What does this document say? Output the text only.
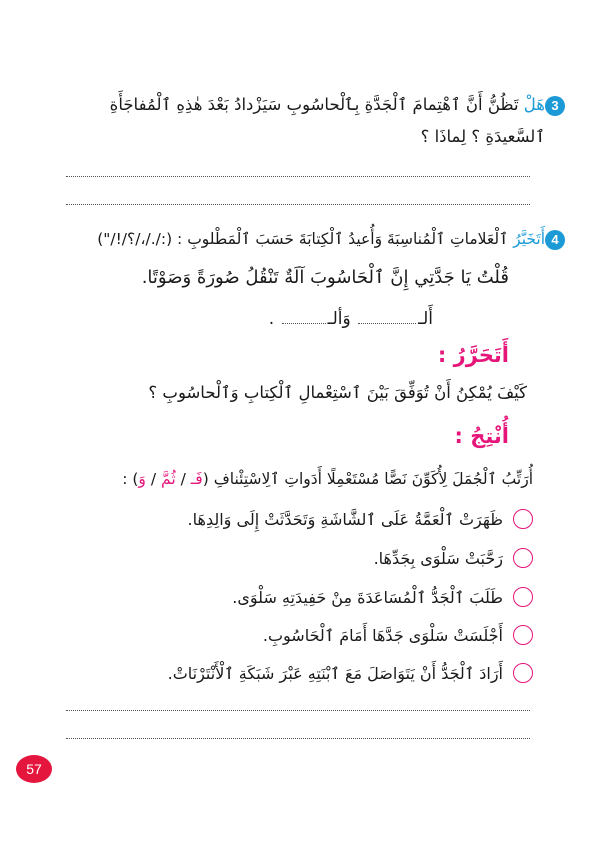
3
هَلْ تَظُنُّ أَنَّ ٱهْتِمامَ ٱلْجَدَّةِ بِٱلْحاسُوبِ سَيَزْدادُ بَعْدَ هٰذِهِ ٱلْمُفاجَأَةِ
ٱلسَّعيدَةِ ؟ لِماذَا ؟
4
أَتَخَيَّرُ ٱلْعَلاماتِ ٱلْمُناسِبَةَ وَأُعيدُ ٱلْكِتابَةَ حَسَبَ ٱلْمَطْلوبِ : (:/./،/؟/!/")
قُلْتُ يَا جَدَّتِي إِنَّ ٱلْحَاسُوبَ آلَةٌ تَنْقُلُ صُورَةً وَصَوْتًا.
أَلـ وَألـ .
أَتَحَرَّرُ :
كَيْفَ يُمْكِنُ أَنْ تُوَفِّقَ بَيْنَ ٱسْتِعْمالِ ٱلْكِتابِ وَٱلْحاسُوبِ ؟
أُنْتِجُ :
أُرَتِّبُ ٱلْجُمَلَ لِأُكَوِّنَ نَصًّا مُسْتَعْمِلًا أَدَواتِ ٱلِاسْتِئْنافِ (فَـ / ثُمَّ / وَ) :
ظَهَرَتْ ٱلْعَمَّةُ عَلَى ٱلشَّاشَةِ وَتَحَدَّثَتْ إِلَى وَالِدِهَا.
رَحَّبَتْ سَلْوَى بِجَدِّهَا.
طَلَبَ ٱلْجَدُّ ٱلْمُسَاعَدَةَ مِنْ حَفِيدَتِهِ سَلْوَى.
أَجْلَسَتْ سَلْوَى جَدَّهَا أَمَامَ ٱلْحَاسُوبِ.
أَرَادَ ٱلْجَدُّ أَنْ يَتَوَاصَلَ مَعَ ٱبْنَتِهِ عَبْرَ شَبَكَةِ ٱلْأَنْتَرْنَاتْ.
57
